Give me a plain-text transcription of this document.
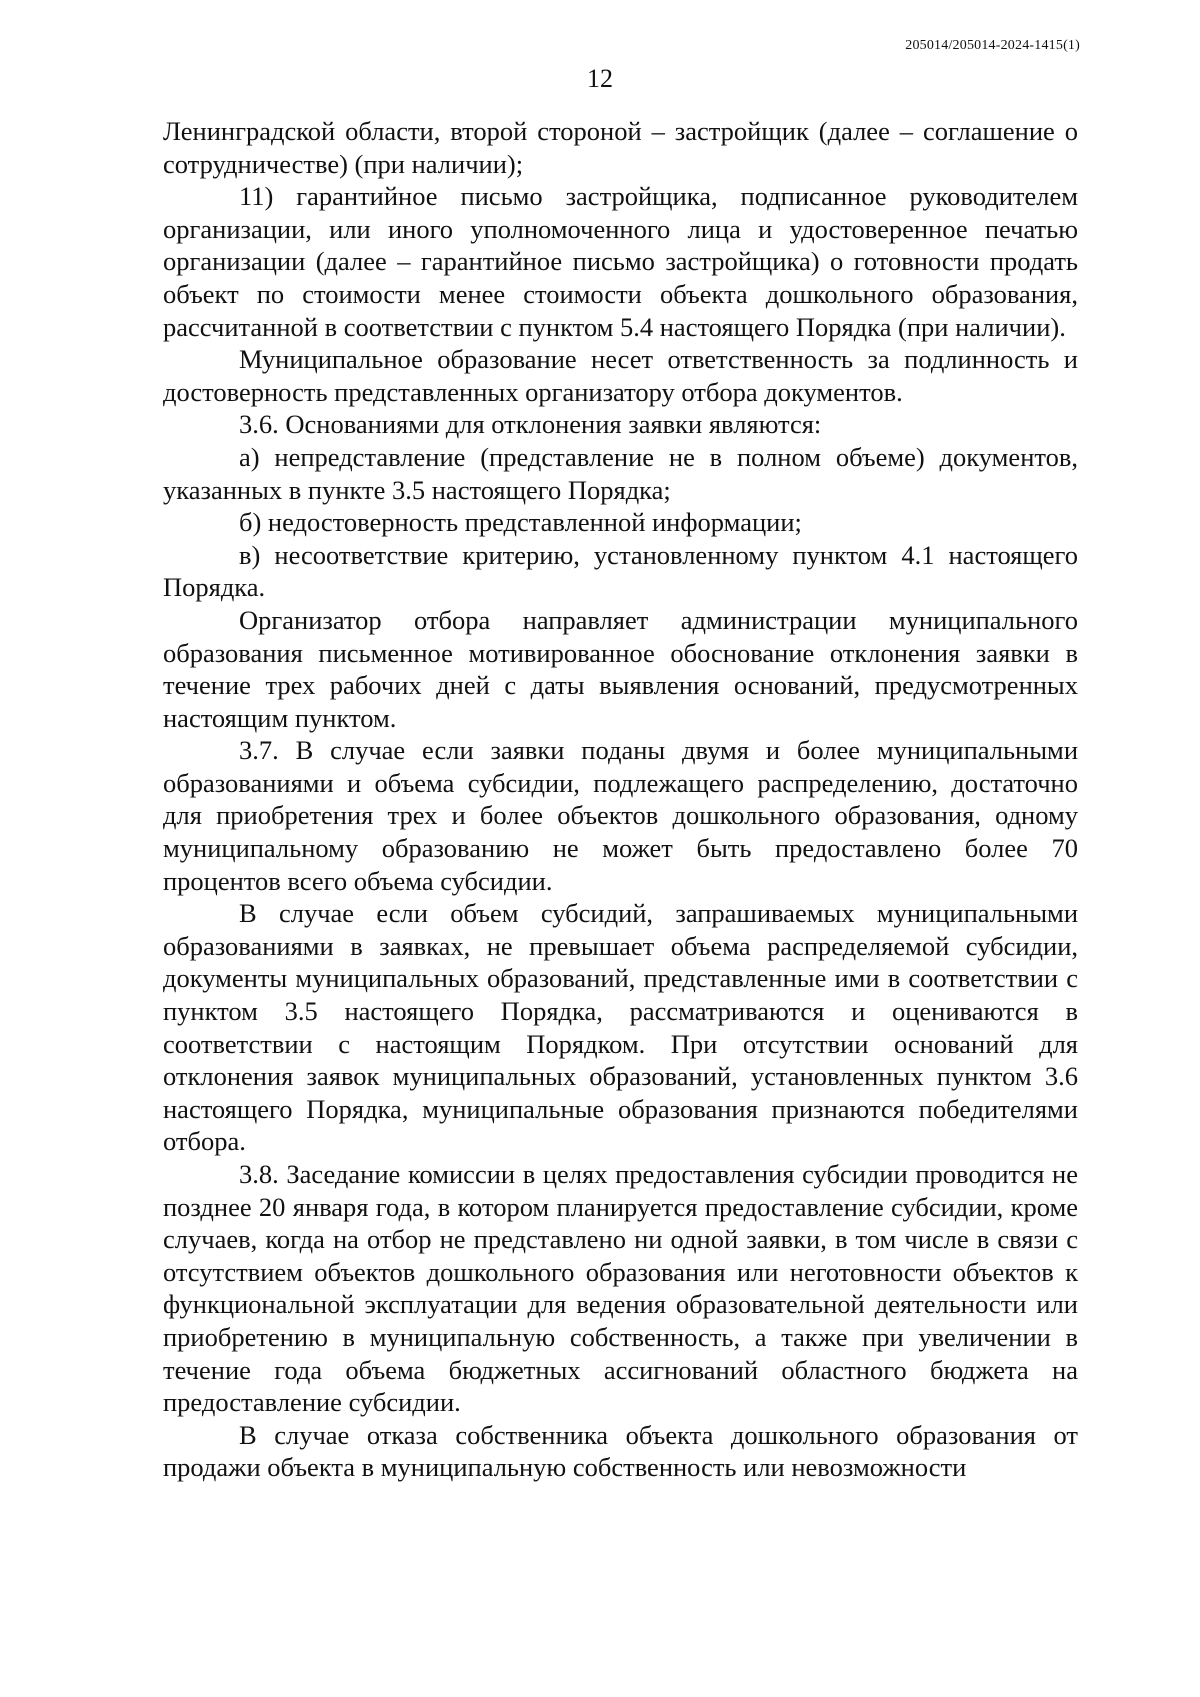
205014/205014-2024-1415(1)
12

Ленинградской области, второй стороной – застройщик (далее – соглашение о сотрудничестве) (при наличии);

11) гарантийное письмо застройщика, подписанное руководителем организации, или иного уполномоченного лица и удостоверенное печатью организации (далее – гарантийное письмо застройщика) о готовности продать объект по стоимости менее стоимости объекта дошкольного образования, рассчитанной в соответствии с пунктом 5.4 настоящего Порядка (при наличии).

Муниципальное образование несет ответственность за подлинность и достоверность представленных организатору отбора документов.

3.6. Основаниями для отклонения заявки являются:

а) непредставление (представление не в полном объеме) документов, указанных в пункте 3.5 настоящего Порядка;

б) недостоверность представленной информации;

в) несоответствие критерию, установленному пунктом 4.1 настоящего Порядка.

Организатор отбора направляет администрации муниципального образования письменное мотивированное обоснование отклонения заявки в течение трех рабочих дней с даты выявления оснований, предусмотренных настоящим пунктом.

3.7. В случае если заявки поданы двумя и более муниципальными образованиями и объема субсидии, подлежащего распределению, достаточно для приобретения трех и более объектов дошкольного образования, одному муниципальному образованию не может быть предоставлено более 70 процентов всего объема субсидии.

В случае если объем субсидий, запрашиваемых муниципальными образованиями в заявках, не превышает объема распределяемой субсидии, документы муниципальных образований, представленные ими в соответствии с пунктом 3.5 настоящего Порядка, рассматриваются и оцениваются в соответствии с настоящим Порядком. При отсутствии оснований для отклонения заявок муниципальных образований, установленных пунктом 3.6 настоящего Порядка, муниципальные образования признаются победителями отбора.

3.8. Заседание комиссии в целях предоставления субсидии проводится не позднее 20 января года, в котором планируется предоставление субсидии, кроме случаев, когда на отбор не представлено ни одной заявки, в том числе в связи с отсутствием объектов дошкольного образования или неготовности объектов к функциональной эксплуатации для ведения образовательной деятельности или приобретению в муниципальную собственность, а также при увеличении в течение года объема бюджетных ассигнований областного бюджета на предоставление субсидии.

В случае отказа собственника объекта дошкольного образования от продажи объекта в муниципальную собственность или невозможности
